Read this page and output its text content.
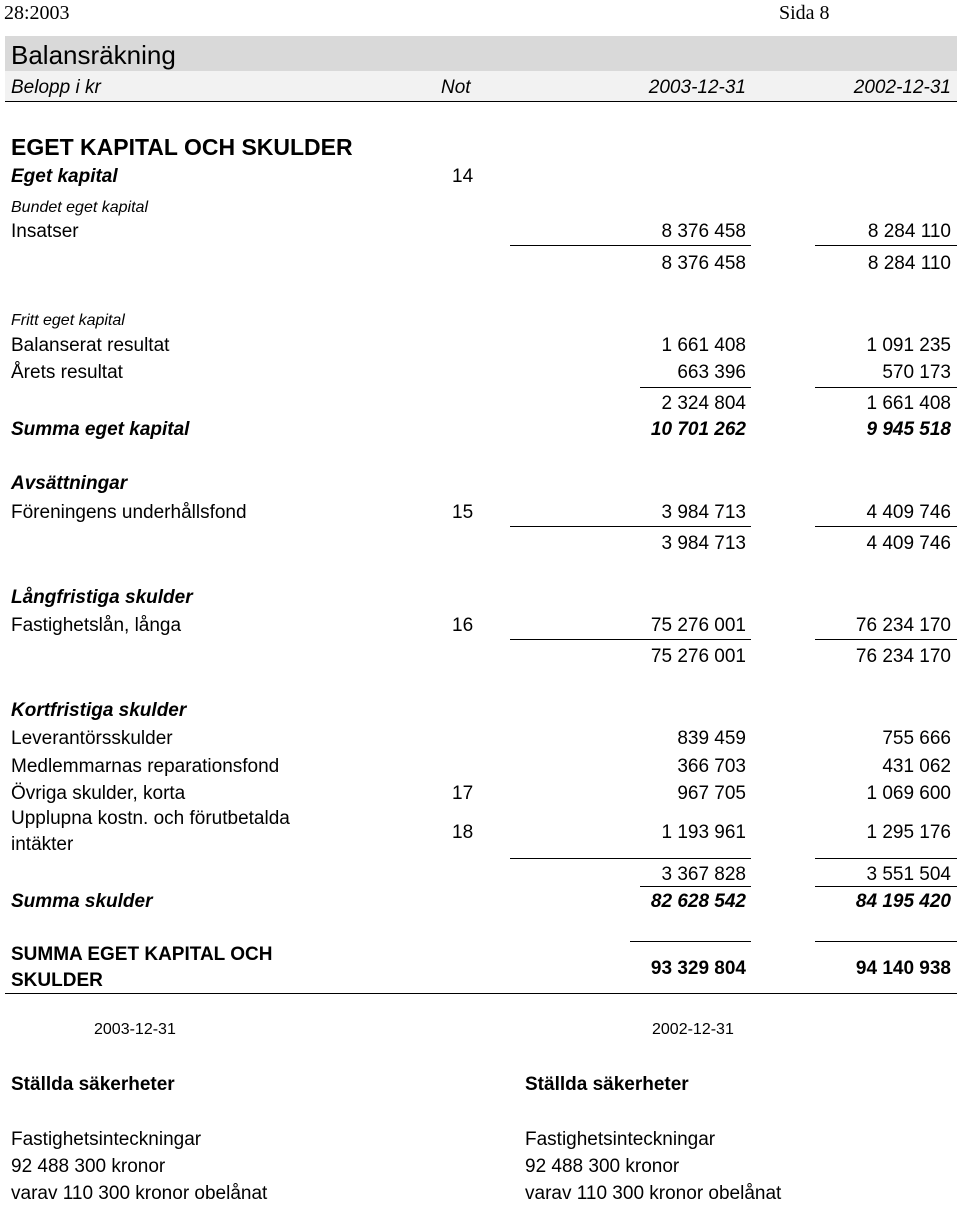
28:2003	Sida 8
Balansräkning
Belopp i kr	Not	2003-12-31	2002-12-31
EGET KAPITAL OCH SKULDER
Eget kapital	14
Bundet eget kapital
Insatser	8 376 458	8 284 110
8 376 458	8 284 110
Fritt eget kapital
Balanserat resultat	1 661 408	1 091 235
Årets resultat	663 396	570 173
2 324 804	1 661 408
Summa eget kapital	10 701 262	9 945 518
Avsättningar
Föreningens underhållsfond	15	3 984 713	4 409 746
3 984 713	4 409 746
Långfristiga skulder
Fastighetslån, långa	16	75 276 001	76 234 170
75 276 001	76 234 170
Kortfristiga skulder
Leverantörsskulder	839 459	755 666
Medlemmarnas reparationsfond	366 703	431 062
Övriga skulder, korta	17	967 705	1 069 600
Upplupna kostn. och förutbetalda
intäkter
18	1 193 961	1 295 176
3 367 828	3 551 504
Summa skulder	82 628 542	84 195 420
SUMMA EGET KAPITAL OCH
SKULDER
93 329 804	94 140 938
2003-12-31	2002-12-31
Ställda säkerheter
Fastighetsinteckningar
92 488 300 kronor
varav 110 300 kronor obelånat
Ställda säkerheter
Fastighetsinteckningar
92 488 300 kronor
varav 110 300 kronor obelånat
